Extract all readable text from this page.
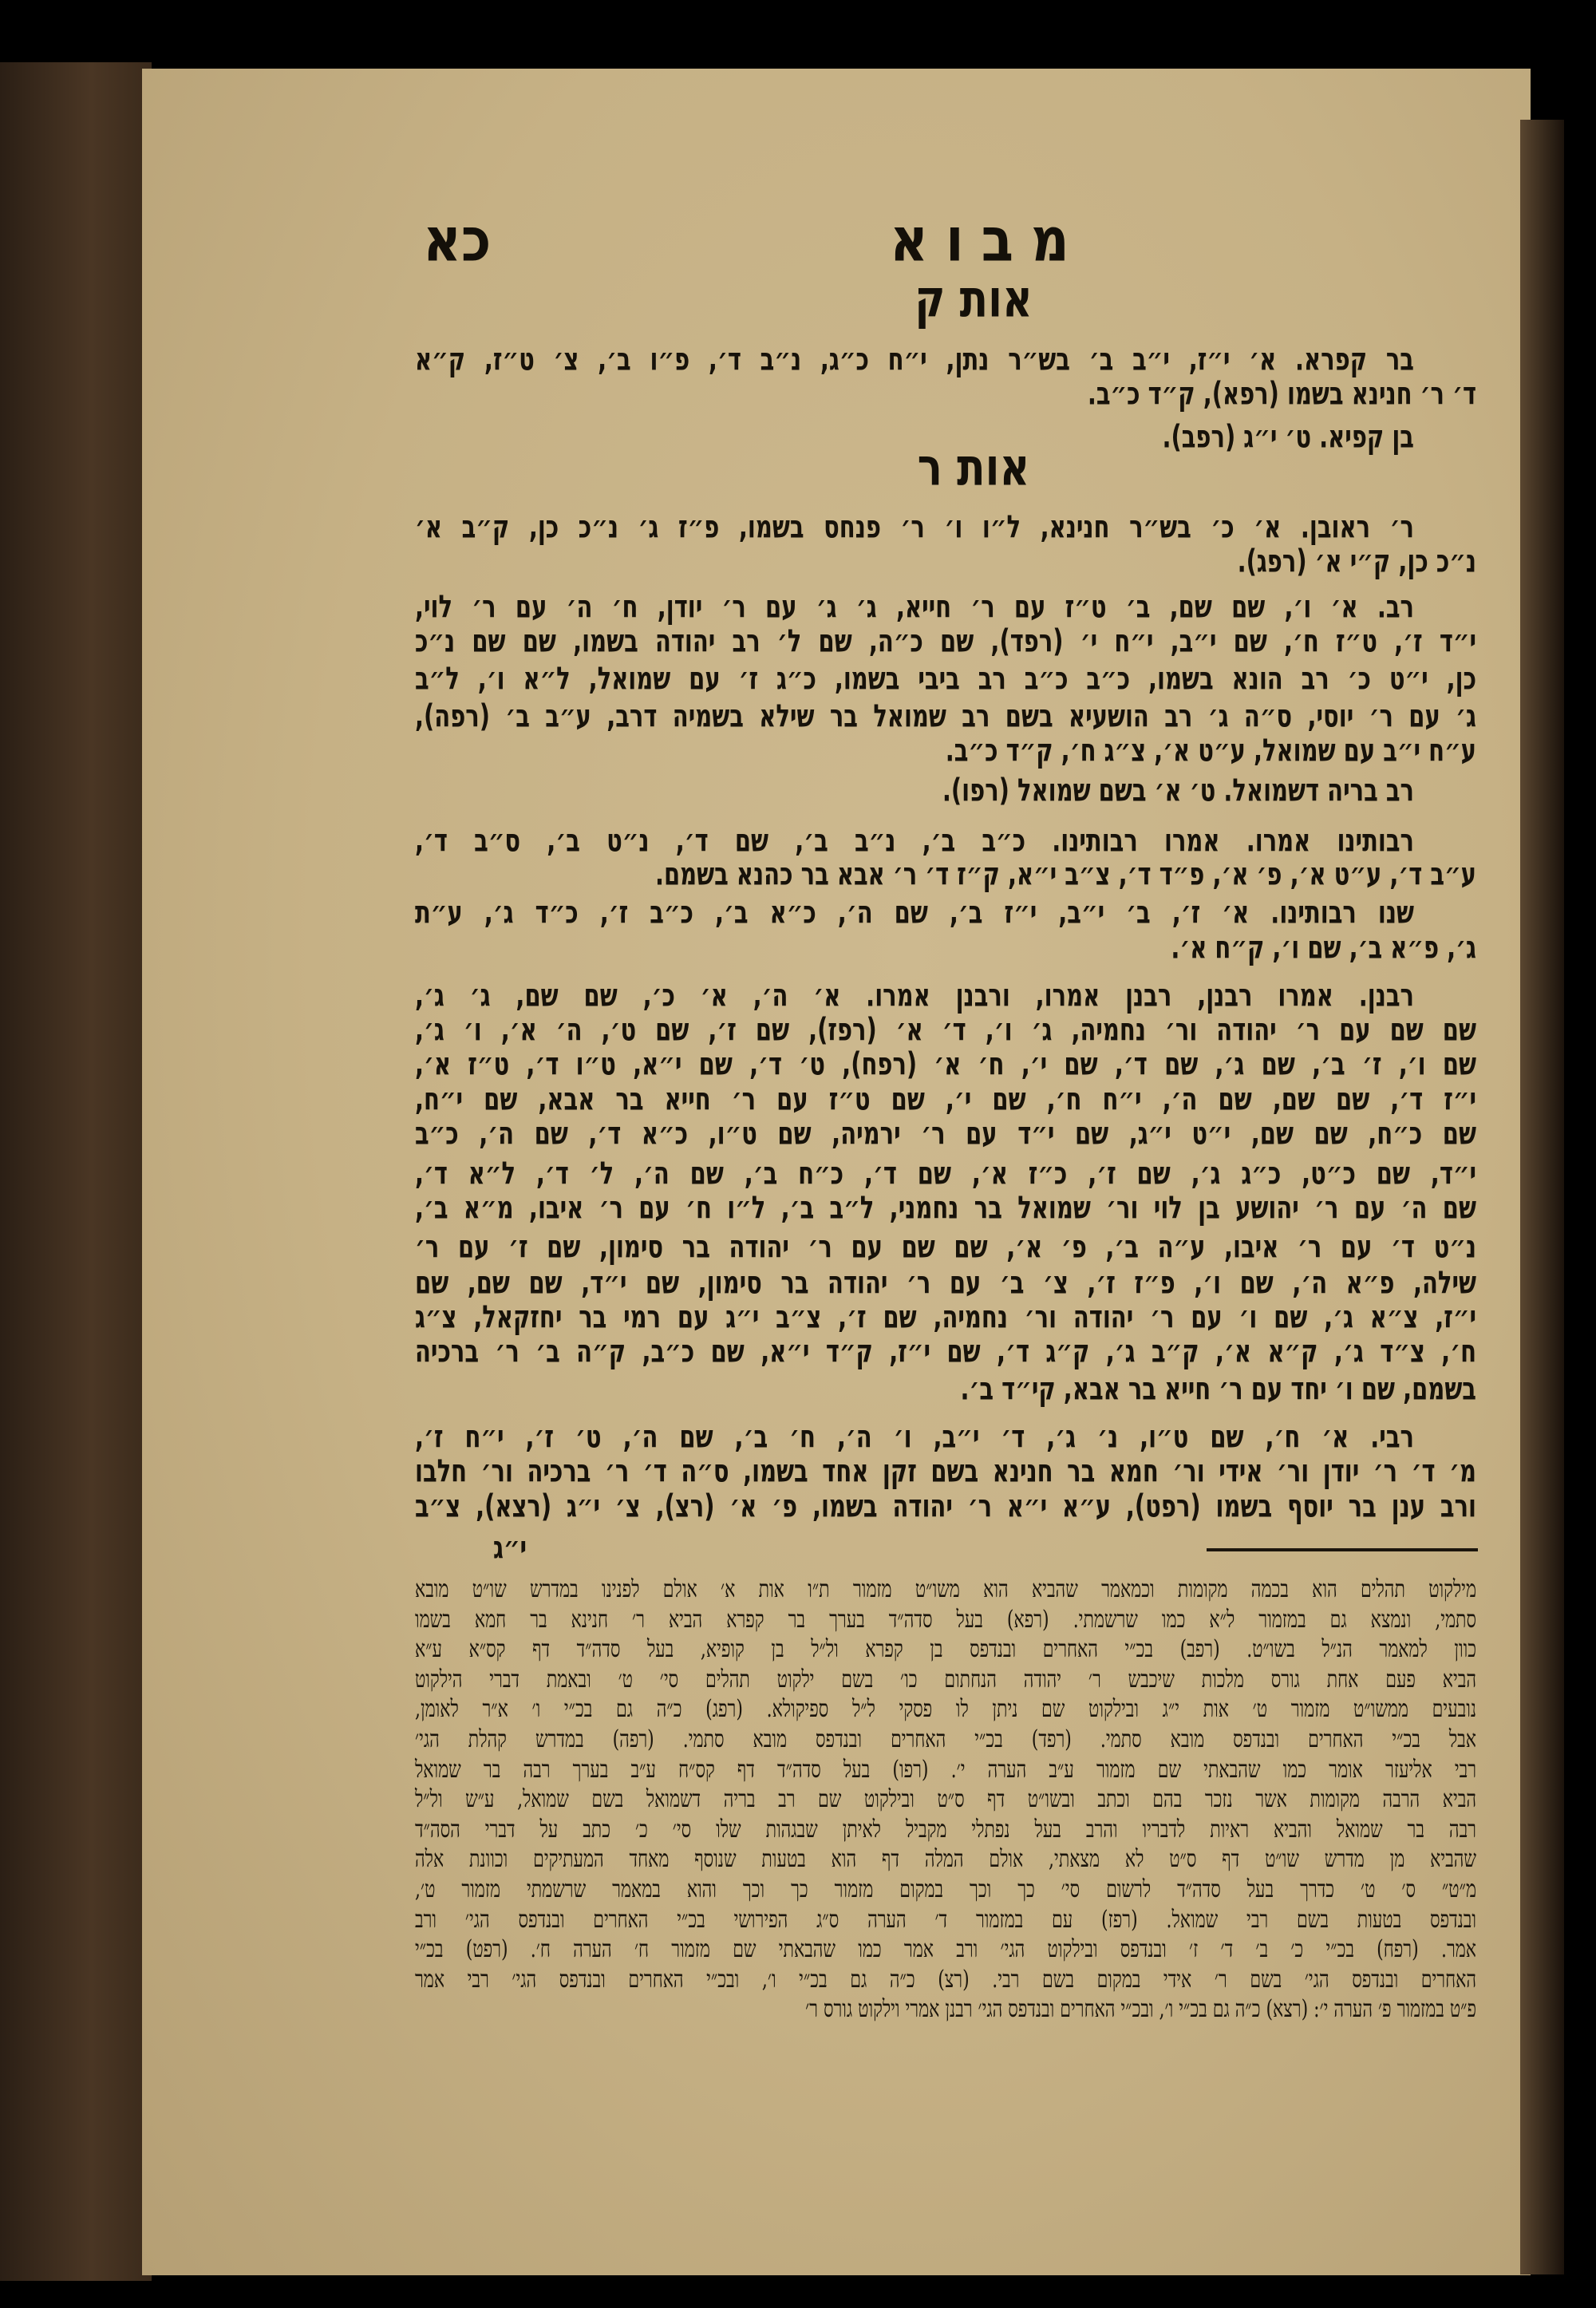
כא	מבוא
אות ק
אות ר
בר קפרא. א׳ י״ז, י״ב ב׳ בש״ר נתן, י״ח כ״ג, נ״ב ד׳, פ״ו ב׳, צ׳ ט״ז, ק״א
ד׳ ר׳ חנינא בשמו (רפא), ק״ד כ״ב.
בן קפיא. ט׳ י״ג (רפב).
ר׳ ראובן. א׳ כ׳ בש״ר חנינא, ל״ו ו׳ ר׳ פנחס בשמו, פ״ז ג׳ נ״כ כן, ק״ב א׳
נ״כ כן, ק״י א׳ (רפג).
רב. א׳ ו׳, שם שם, ב׳ ט״ז עם ר׳ חייא, ג׳ ג׳ עם ר׳ יודן, ח׳ ה׳ עם ר׳ לוי,
י״ד ז׳, ט״ז ח׳, שם י״ב, י״ח י׳ (רפד), שם כ״ה, שם ל׳ רב יהודה בשמו, שם שם נ״כ
כן, י״ט כ׳ רב הונא בשמו, כ״ב כ״ב רב ביבי בשמו, כ״ג ז׳ עם שמואל, ל״א ו׳, ל״ב
ג׳ עם ר׳ יוסי, ס״ה ג׳ רב הושעיא בשם רב שמואל בר שילא בשמיה דרב, ע״ב ב׳ (רפה),
ע״ח י״ב עם שמואל, ע״ט א׳, צ״ג ח׳, ק״ד כ״ב.
רב בריה דשמואל. ט׳ א׳ בשם שמואל (רפו).
רבותינו אמרו. אמרו רבותינו. כ״ב ב׳, נ״ב ב׳, שם ד׳, נ״ט ב׳, ס״ב ד׳,
ע״ב ד׳, ע״ט א׳, פ׳ א׳, פ״ד ד׳, צ״ב י״א, ק״ז ד׳ ר׳ אבא בר כהנא בשמם.
שנו רבותינו. א׳ ז׳, ב׳ י״ב, י״ז ב׳, שם ה׳, כ״א ב׳, כ״ב ז׳, כ״ד ג׳, ע״ת
ג׳, פ״א ב׳, שם ו׳, ק״ח א׳.
רבנן. אמרו רבנן, רבנן אמרו, ורבנן אמרו. א׳ ה׳, א׳ כ׳, שם שם, ג׳ ג׳,
שם שם עם ר׳ יהודה ור׳ נחמיה, ג׳ ו׳, ד׳ א׳ (רפז), שם ז׳, שם ט׳, ה׳ א׳, ו׳ ג׳,
שם ו׳, ז׳ ב׳, שם ג׳, שם ד׳, שם י׳, ח׳ א׳ (רפח), ט׳ ד׳, שם י״א, ט״ו ד׳, ט״ז א׳,
י״ז ד׳, שם שם, שם ה׳, י״ח ח׳, שם י׳, שם ט״ז עם ר׳ חייא בר אבא, שם י״ח,
שם כ״ח, שם שם, י״ט י״ג, שם י״ד עם ר׳ ירמיה, שם ט״ו, כ״א ד׳, שם ה׳, כ״ב
י״ד, שם כ״ט, כ״ג ג׳, שם ז׳, כ״ז א׳, שם ד׳, כ״ח ב׳, שם ה׳, ל׳ ד׳, ל״א ד׳,
שם ה׳ עם ר׳ יהושע בן לוי ור׳ שמואל בר נחמני, ל״ב ב׳, ל״ו ח׳ עם ר׳ איבו, מ״א ב׳,
נ״ט ד׳ עם ר׳ איבו, ע״ה ב׳, פ׳ א׳, שם שם עם ר׳ יהודה בר סימון, שם ז׳ עם ר׳
שילה, פ״א ה׳, שם ו׳, פ״ז ז׳, צ׳ ב׳ עם ר׳ יהודה בר סימון, שם י״ד, שם שם, שם
י״ז, צ״א ג׳, שם ו׳ עם ר׳ יהודה ור׳ נחמיה, שם ז׳, צ״ב י״ג עם רמי בר יחזקאל, צ״ג
ח׳, צ״ד ג׳, ק״א א׳, ק״ב ג׳, ק״ג ד׳, שם י״ז, ק״ד י״א, שם כ״ב, ק״ה ב׳ ר׳ ברכיה
בשמם, שם ו׳ יחד עם ר׳ חייא בר אבא, קי״ד ב׳.
רבי. א׳ ח׳, שם ט״ו, נ׳ ג׳, ד׳ י״ב, ו׳ ה׳, ח׳ ב׳, שם ה׳, ט׳ ז׳, י״ח ז׳,
מ׳ ד׳ ר׳ יודן ור׳ אידי ור׳ חמא בר חנינא בשם זקן אחד בשמו, ס״ה ד׳ ר׳ ברכיה ור׳ חלבו
ורב ענן בר יוסף בשמו (רפט), ע״א י״א ר׳ יהודה בשמו, פ׳ א׳ (רצ), צ׳ י״ג (רצא), צ״ב
י״ג
מילקוט תהלים הוא בכמה מקומות וכמאמר שהביא הוא משו״ט מזמור ת״ו אות א׳ אולם לפנינו במדרש שו״ט מובא
סתמי, ונמצא גם במזמור ל״א כמו שרשמתי. (רפא) בעל סדה״ד בערך בר קפרא הביא ר׳ חנינא בר חמא בשמו
כוון למאמר הנ״ל בשו״ט. (רפב) בכ״י האחרים ובנדפס בן קפרא ול״ל בן קופיא, בעל סדה״ד דף קס״א ע״א
הביא פעם אחת גורס מלכות שיכבש ר׳ יהודה הנחתום כו׳ בשם ילקוט תהלים סי׳ ט׳ ובאמת דברי הילקוט
נובעים ממשו״ט מזמור ט׳ אות י״ג ובילקוט שם ניתן לו פסקי ל״ל ספיקולא. (רפג) כ״ה גם בכ״י ו׳ א״ר לאומן,
אבל בכ״י האחרים ובנדפס מובא סתמי. (רפד) בכ״י האחרים ובנדפס מובא סתמי. (רפה) במדרש קהלת הגי׳
רבי אליעזר אומר כמו שהבאתי שם מזמור ע״ב הערה י׳. (רפו) בעל סדה״ד דף קס״ח ע״ב בערך רבה בר שמואל
הביא הרבה מקומות אשר נזכר בהם וכתב ובשו״ט דף ס״ט ובילקוט שם רב בריה דשמואל בשם שמואל, ע״ש ול״ל
רבה בר שמואל והביא ראיות לדבריו והרב בעל נפתלי מקביל לאיתן שבגהות שלו סי׳ כ׳ כתב על דברי הסה״ד
שהביא מן מדרש שו״ט דף ס״ט לא מצאתי, אולם המלה דף הוא בטעות שנוסף מאחד המעתיקים וכוונת אלה
מ״ט״ ס׳ ט׳ כדרך בעל סדה״ד לרשום סי׳ כך וכך במקום מזמור כך וכך והוא במאמר שרשמתי מזמור ט׳,
ובנדפס בטעות בשם רבי שמואל. (רפז) עם במזמור ד׳ הערה ס״ג הפירושי בכ״י האחרים ובנדפס הגי׳ ורב
אמר. (רפח) בכ״י כ׳ ב׳ ד׳ ז׳ ובנדפס ובילקוט הגי׳ ורב אמר כמו שהבאתי שם מזמור ח׳ הערה ח׳. (רפט) בכ״י
האחרים ובנדפס הגי׳ בשם ר׳ אידי במקום בשם רבי. (רצ) כ״ה גם בכ״י ו׳, ובכ״י האחרים ובנדפס הגי׳ רבי אמר
פ״ט במזמור פ׳ הערה י׳: (רצא) כ״ה גם בכ״י ו׳, ובכ״י האחרים ובנדפס הגי׳ רבנן אמרי וילקוט גורס ר׳
